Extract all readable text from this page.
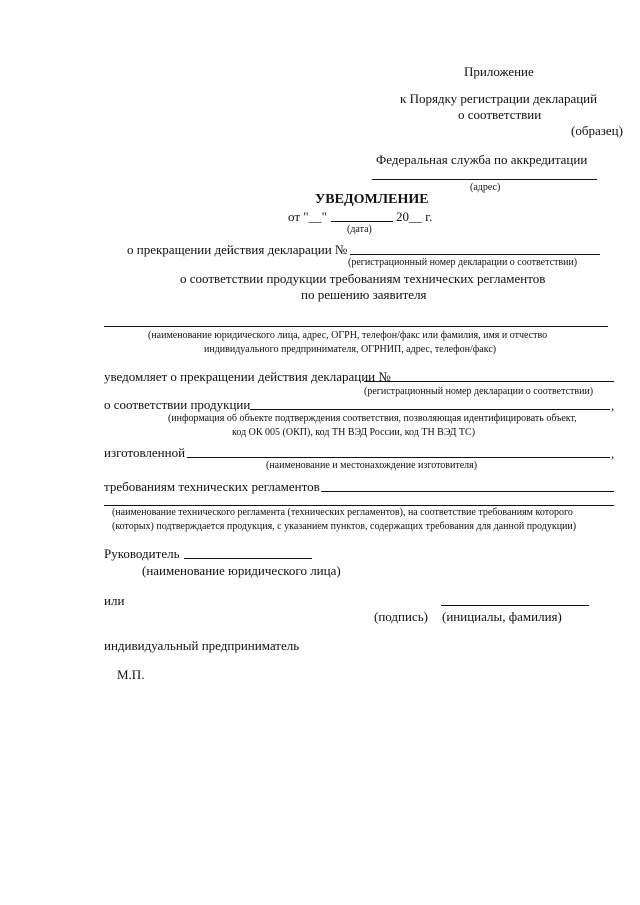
Приложение
к Порядку регистрации деклараций
о соответствии
(образец)
Федеральная служба по аккредитации
(адрес)
УВЕДОМЛЕНИЕ
от "__"	20__ г.
(дата)
о прекращении действия декларации №
(регистрационный номер декларации о соответствии)
о соответствии продукции требованиям технических регламентов
по решению заявителя
(наименование юридического лица, адрес, ОГРН, телефон/факс или фамилия, имя и отчество
индивидуального предпринимателя, ОГРНИП, адрес, телефон/факс)
уведомляет о прекращении действия декларации №
(регистрационный номер декларации о соответствии)
о соответствии продукции	,
(информация об объекте подтверждения соответствия, позволяющая идентифицировать объект,
код ОК 005 (ОКП), код ТН ВЭД России, код ТН ВЭД ТС)
изготовленной	,
(наименование и местонахождение изготовителя)
требованиям технических регламентов
(наименование технического регламента (технических регламентов), на соответствие требованиям которого
(которых) подтверждается продукция, с указанием пунктов, содержащих требования для данной продукции)
Руководитель
(наименование юридического лица)
или
(подпись) (инициалы, фамилия)
индивидуальный предприниматель
М.П.
